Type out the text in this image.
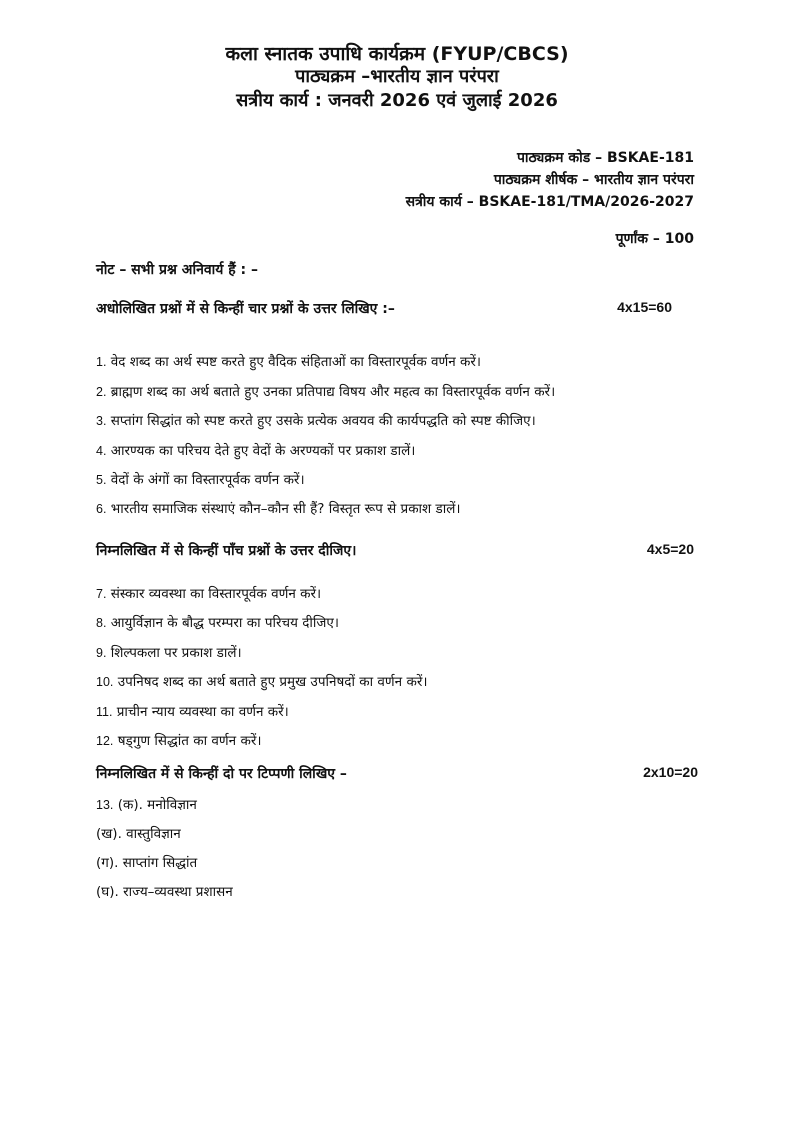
कला स्नातक उपाधि कार्यक्रम (FYUP/CBCS)
पाठ्यक्रम –भारतीय ज्ञान परंपरा
सत्रीय कार्य : जनवरी 2026 एवं जुलाई 2026
पाठ्यक्रम कोड – BSKAE-181
पाठ्यक्रम शीर्षक – भारतीय ज्ञान परंपरा
सत्रीय कार्य – BSKAE-181/TMA/2026-2027
पूर्णांक – 100
नोट – सभी प्रश्न अनिवार्य हैं : –
अधोलिखित प्रश्नों में से किन्हीं चार प्रश्नों के उत्तर लिखिए :–	4x15=60
1. वेद शब्द का अर्थ स्पष्ट करते हुए वैदिक संहिताओं का विस्तारपूर्वक वर्णन करें।
2. ब्राह्मण शब्द का अर्थ बताते हुए उनका प्रतिपाद्य विषय और महत्व का विस्तारपूर्वक वर्णन करें।
3. सप्तांग सिद्धांत को स्पष्ट करते हुए उसके प्रत्येक अवयव की कार्यपद्धति को स्पष्ट कीजिए।
4. आरण्यक का परिचय देते हुए वेदों के अरण्यकों पर प्रकाश डालें।
5. वेदों के अंगों का विस्तारपूर्वक वर्णन करें।
6. भारतीय समाजिक संस्थाएं कौन–कौन सी हैं? विस्तृत रूप से प्रकाश डालें।
निम्नलिखित में से किन्हीं पाँच प्रश्नों के उत्तर दीजिए।	4x5=20
7. संस्कार व्यवस्था का विस्तारपूर्वक वर्णन करें।
8. आयुर्विज्ञान के बौद्ध परम्परा का परिचय दीजिए।
9. शिल्पकला पर प्रकाश डालें।
10. उपनिषद शब्द का अर्थ बताते हुए प्रमुख उपनिषदों का वर्णन करें।
11. प्राचीन न्याय व्यवस्था का वर्णन करें।
12. षड्गुण सिद्धांत का वर्णन करें।
निम्नलिखित में से किन्हीं दो पर टिप्पणी लिखिए –	2x10=20
13. (क). मनोविज्ञान
(ख). वास्तुविज्ञान
(ग). साप्तांग सिद्धांत
(घ). राज्य–व्यवस्था प्रशासन
